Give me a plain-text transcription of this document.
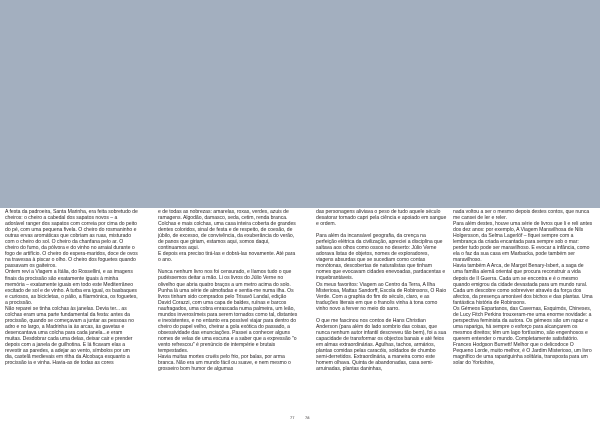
A festa da padroeira, Santa Marinha, era feita sobretudo de cheiros: o cheiro a cabedal dos sapatos novos – a adorável ranger dos sapatos com correia por cima do peito do pé, com uma pequena fivela. O cheiro do rosmaninho e outras ervas aromáticas que cobriam as ruas, misturado com o cheiro do sol. O cheiro da chanfana pelo ar. O cheiro do fumo, da pólvora e do vinho no arraial durante o fogo de artifício. O cheiro do espera-maridos, doce de ovos na travessa à piscar o olho. O cheiro dos foguetes quando passavam os gaiteiros.

Ontem revi a Viagem a Itália, do Rossellini, e as imagens finais da procissão são exatamente iguais à minha memória – exatamente iguais em todo este Mediterrâneo excitado de sol e de vinho. A turba era igual, os basbaques e curiosos, as bicicletas, o pálio, a filarmónica, os foguetes, a procissão.

Não reparei se tinha colchas às janelas. Devia ter... as colchas eram uma parte fundamental da festa: antes da procissão, quando se começavam a juntar as pessoas no adro e no largo, a Madrinha ia às arcas, às gavetas e desencantava uma colcha para cada janela...e eram muitas. Desdobrar cada uma delas, deixar cair e prender depois com a janela de guilhotina. E lá ficavam elas a revestir as paredes, a adejar ao vento, símbolos por um dia, castelã medievais em ritha da Alcobaça esquanto a procissão ia e vinha. Havia-as de todas as cores

e de todas as nobrezas: amarelas, roxas, verdes, azuis de ramagens. Algodão, damasco, seda, cetim, renda branca. Colchas e mais colchas, uma casa inteira coberta de grandes dentes coloridos, sinal de festa e de respeito, de coesão, de júbilo, de excesso, de convivência, da exuberância do verão, de panos que giriam, estamos aqui, somos daqui, continuamos aqui.

E depois era preciso tirá-las e dobrá-las novamente. Até para o ano.

Nunca nenhum livro nos foi censurado, e líamos tudo o que pudéssemos deitar a mão. Li os livros do Júlio Verne no olivelho que abria quatro braços a um metro acima do solo. Punha lá uma série de almofadas e sentia-me numa ilha. Os livros tinham sido comprados pelo Trisavô Landal, edição David Corazzi, com uma capa de baldes, ruínas e barcos naufragados, uma cobra enrascada numa palmeira, um leão, mundos inverosímeis para serem tornados como tal, distantes e inexistentes, e no entanto era possível viajar para dentro do cheiro do papel velho, cheirar a gola exótica do passado, a obsessividade das enunciações. Passei a conhecer alguns nomes de velas de uma escuna e a saber que a expressão "o vento refrescou" é prenúncio de intempérie e brutais tempestades.

Havia muitas mortes cruéis pelo frio, por balas, por arma branca. Não era um mundo fácil ou suave, e nem mesmo o grosseiro bom humor de algumas

das personagens aliviava o peso de tudo aquele século desatorar tornado capri pela ciência e apoiado em sangue e ordem.

Para além da incansável geografia, da crença na perfeição elétrica da civilização, apreciei a disciplina que saltava aos olhos como ossos no deserto: Júlio Verne adorava listas de objetos, nomes de exploradores, viagens absurdas que se sucediam como contas monótonas, descobertas de naturalistas que tinham nomes que evocavam cidades enevoadas, pardacentas e inquebrantáveis.

Os meus favoritos: Viagem ao Centro da Terra, A Ilha Misteriosa, Mattas Sandorff, Escola de Robinsons, O Raio Verde. Com a graphia do fim do século, claro, e as traduções literais em que o francês vinha à tona como vinho novo a ferver no meio do sarro.

O que me fascinou nos contos de Hans Christian Anderson (para além do lado sombrio das coisas, que nunca nenhum autor infantil descreveu tão bem), foi a sua capacidade de transformar os objectos banais e até feios em almas extraordinárias. Agulhas, tachos, armários, plantas comidas pelas caracóis, soldados de chumbo semi-derretidos. Extraordinária, a maneira como este homem olhava. Quinta de abandonadas, casa semi-arruinadas, plantas daninhas,

nada voltou a ser o mesmo depois destes contos, que nunca me cansei de ler e reler.

Para além destes, houve uma série de livros que li e reli antes dos dez anos: por exemplo, A Viagem Maravilhosa de Nils Holgersson, da Selma Lagerlöf – fiquei sempre com a lembrança da criada encantada para sempre sob o mar: perder tudo pode ser maravilhoso. E evocar a infância, como ela o faz da sua casa em Marbacka, pode também ser maravilhoso.

Havia também A Arca, de Margot Benary-Isbert, a saga de uma família alemã oriental que procura reconstruir a vida depois de II Guerra. Cada um se encontra e é o mesmo quando emigrou da cidade devastada para um mundo rural. Cada um descobre como sobreviver através da força dos afectos, da presença amorável dos bichos e das plantas. Uma fantástica história de Robinsons.

Os Gémeos Espartanos, das Cavernas, Esquimós, Chineses, de Lucy Fitch Perkins trouxeram-me uma enorme novidade: a perspectiva feminista da autora. Os gémeos são um rapaz e uma rapariga, há sempre o esforço para alcançarem os mesmos direitos; têm um lago fortíssimo, são engenhosos e querem entender o mundo. Completamente satisfatório.

Frances Hodgson Burnett! Melhor que o delicodoce O Pequeno Lorde, muito melhor, é O Jardim Misterioso, um livro magnífico de uma rapariguinha solitária, transposta para um solar do Yorkshire,

77	78
